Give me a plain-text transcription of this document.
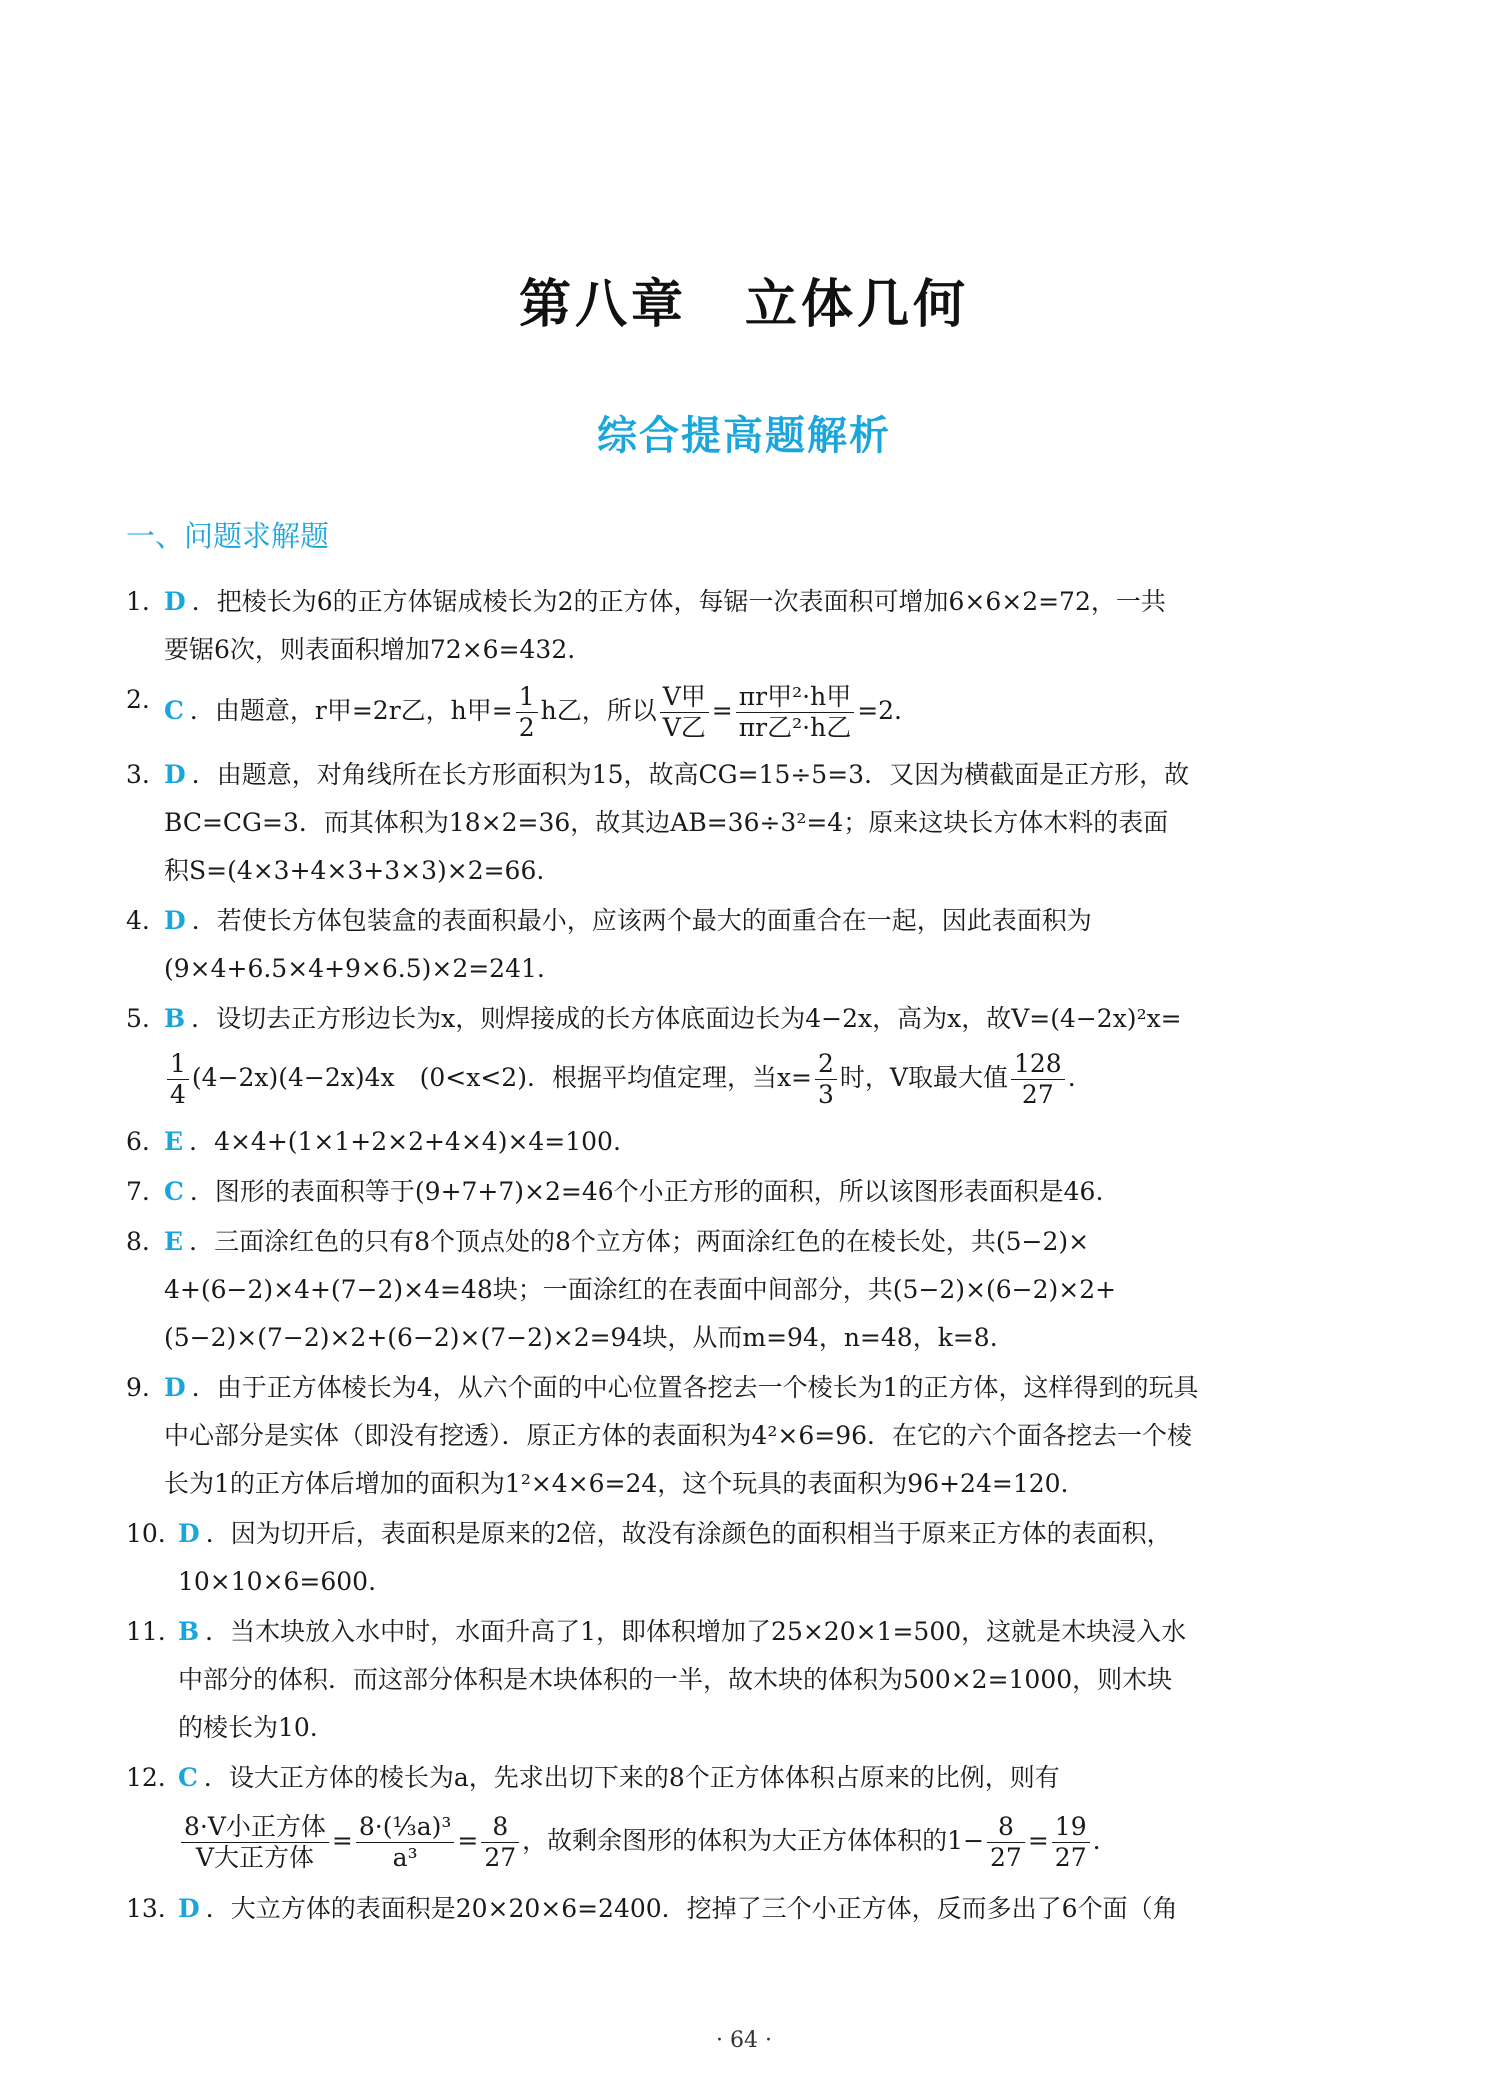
第八章 立体几何
综合提高题解析
一、问题求解题
1. D ．把棱长为6的正方体锯成棱长为2的正方体，每锯一次表面积可增加6×6×2=72，一共
要锯6次，则表面积增加72×6=432.
2. C ．由题意，r甲=2r乙，h甲= $\frac{1}{2}$ h乙，所以 $\frac{\text{V甲}}{\text{V乙}} = \frac{\text{πr甲²·h甲}}{\text{πr乙²·h乙}} =2$.
3. D ．由题意，对角线所在长方形面积为15，故高CG=15÷5=3．又因为横截面是正方形，故
BC=CG=3．而其体积为18×2=36，故其边AB=36÷3²=4；原来这块长方体木料的表面
积S=(4×3+4×3+3×3)×2=66.
4. D ．若使长方体包装盒的表面积最小，应该两个最大的面重合在一起，因此表面积为
(9×4+6.5×4+9×6.5)×2=241.
5. B ．设切去正方形边长为x，则焊接成的长方体底面边长为4−2x，高为x，故V=(4−2x)²x=
$\frac{1}{4} (4-2x)(4-2x)4x$　(0<x<2)．根据平均值定理，当$x= \frac{2}{3}$ 时，V取最大值 $\frac{128}{27}$ .
6. E ．4×4+(1×1+2×2+4×4)×4=100.
7. C ．图形的表面积等于(9+7+7)×2=46个小正方形的面积，所以该图形表面积是46.
8. E ．三面涂红色的只有8个顶点处的8个立方体；两面涂红色的在棱长处，共(5−2)×
4+(6−2)×4+(7−2)×4=48块；一面涂红的在表面中间部分，共(5−2)×(6−2)×2+
(5−2)×(7−2)×2+(6−2)×(7−2)×2=94块，从而m=94，n=48，k=8.
9. D ．由于正方体棱长为4，从六个面的中心位置各挖去一个棱长为1的正方体，这样得到的玩具
中心部分是实体（即没有挖透）．原正方体的表面积为4²×6=96．在它的六个面各挖去一个棱
长为1的正方体后增加的面积为1²×4×6=24，这个玩具的表面积为96+24=120.
10. D ．因为切开后，表面积是原来的2倍，故没有涂颜色的面积相当于原来正方体的表面积，
10×10×6=600.
11. B ．当木块放入水中时，水面升高了1，即体积增加了25×20×1=500，这就是木块浸入水
中部分的体积．而这部分体积是木块体积的一半，故木块的体积为500×2=1000，则木块
的棱长为10.
12. C ．设大正方体的棱长为a，先求出切下来的8个正方体体积占原来的比例，则有
$\frac{\text{8·V小正方体}}{\text{V大正方体}} = \frac{\text{8·(⅓a)³}}{\text{a³}} = \frac{8}{27}$ ，故剩余图形的体积为大正方体体积的$1- \frac{8}{27} = \frac{19}{27}$ .
13. D ．大立方体的表面积是20×20×6=2400．挖掉了三个小正方体，反而多出了6个面（角
· 64 ·
